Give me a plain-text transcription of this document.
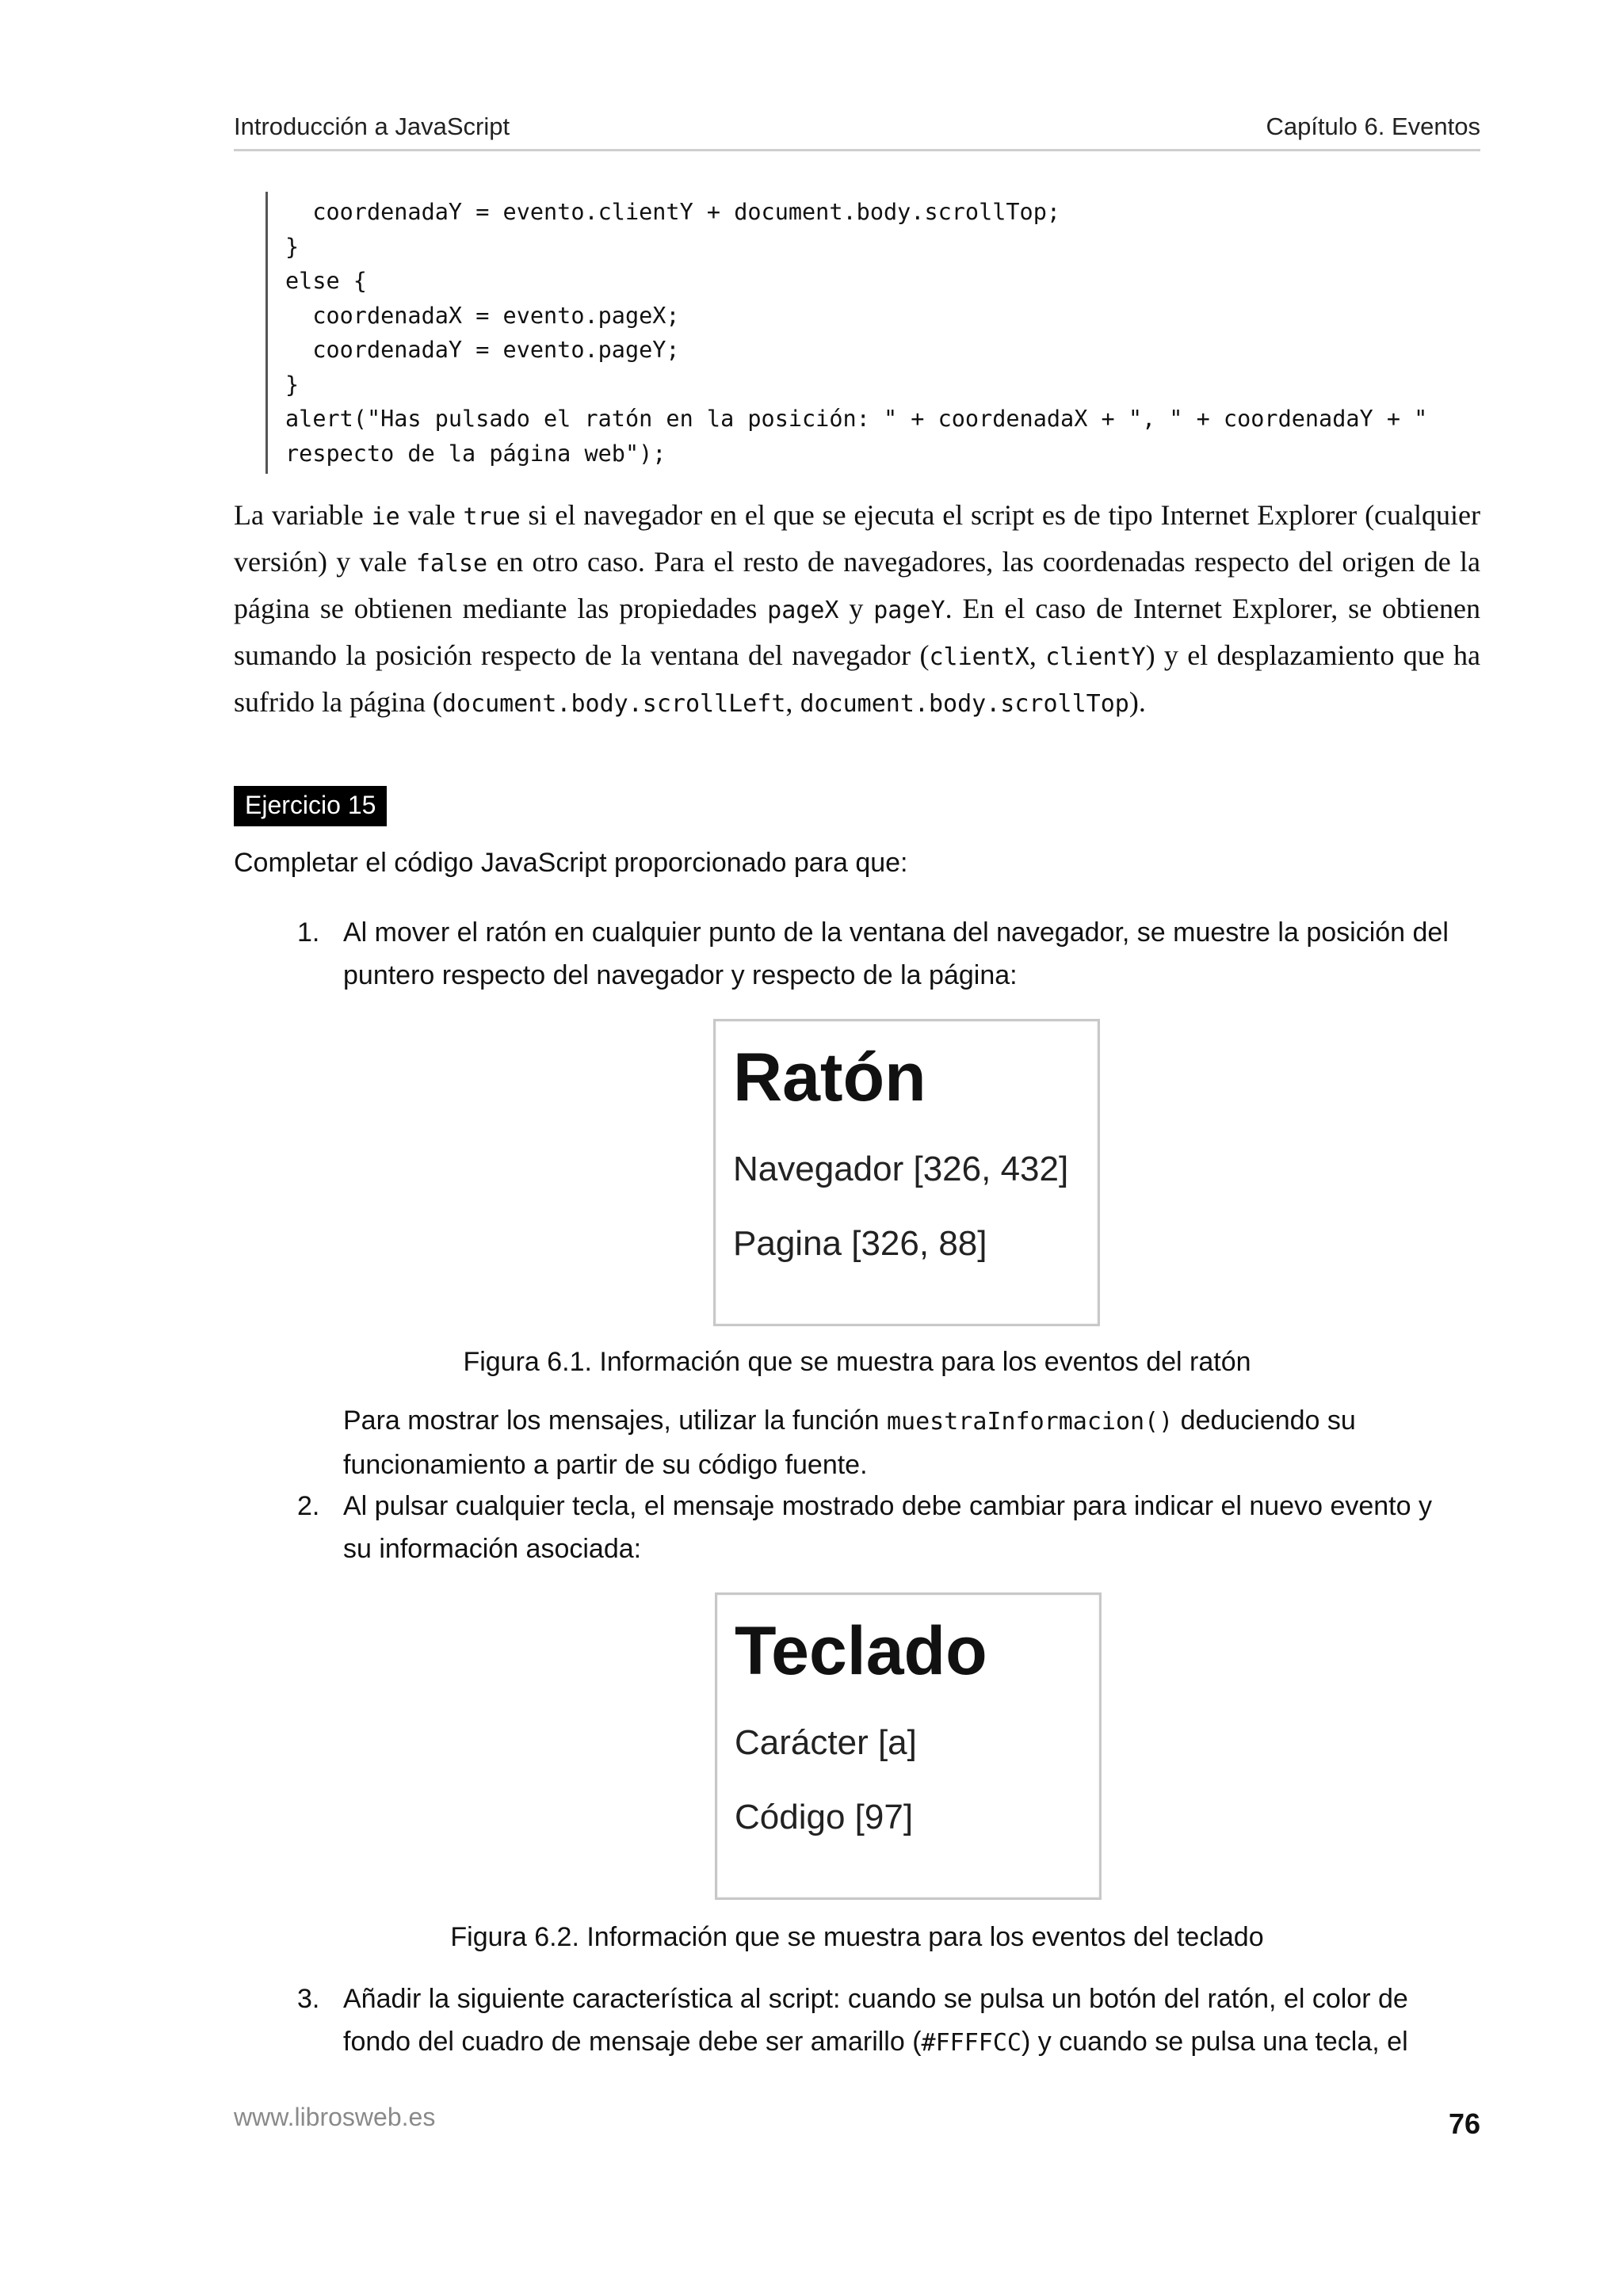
Introducción a JavaScript	Capítulo 6. Eventos
coordenadaY = evento.clientY + document.body.scrollTop;
}
else {
coordenadaX = evento.pageX;
coordenadaY = evento.pageY;
}
alert("Has pulsado el ratón en la posición: " + coordenadaX + ", " + coordenadaY + "
respecto de la página web");
La variable ie vale true si el navegador en el que se ejecuta el script es de tipo Internet Explorer (cualquier versión) y vale false en otro caso. Para el resto de navegadores, las coordenadas respecto del origen de la página se obtienen mediante las propiedades pageX y pageY. En el caso de Internet Explorer, se obtienen sumando la posición respecto de la ventana del navegador (clientX, clientY) y el desplazamiento que ha sufrido la página (document.body.scrollLeft, document.body.scrollTop).
Ejercicio 15
Completar el código JavaScript proporcionado para que:
1. Al mover el ratón en cualquier punto de la ventana del navegador, se muestre la posición del puntero respecto del navegador y respecto de la página:
Ratón
Navegador [326, 432]
Pagina [326, 88]
Figura 6.1. Información que se muestra para los eventos del ratón
Para mostrar los mensajes, utilizar la función muestraInformacion() deduciendo su funcionamiento a partir de su código fuente.
2. Al pulsar cualquier tecla, el mensaje mostrado debe cambiar para indicar el nuevo evento y su información asociada:
Teclado
Carácter [a]
Código [97]
Figura 6.2. Información que se muestra para los eventos del teclado
3. Añadir la siguiente característica al script: cuando se pulsa un botón del ratón, el color de fondo del cuadro de mensaje debe ser amarillo (#FFFFCC) y cuando se pulsa una tecla, el
www.librosweb.es	76
